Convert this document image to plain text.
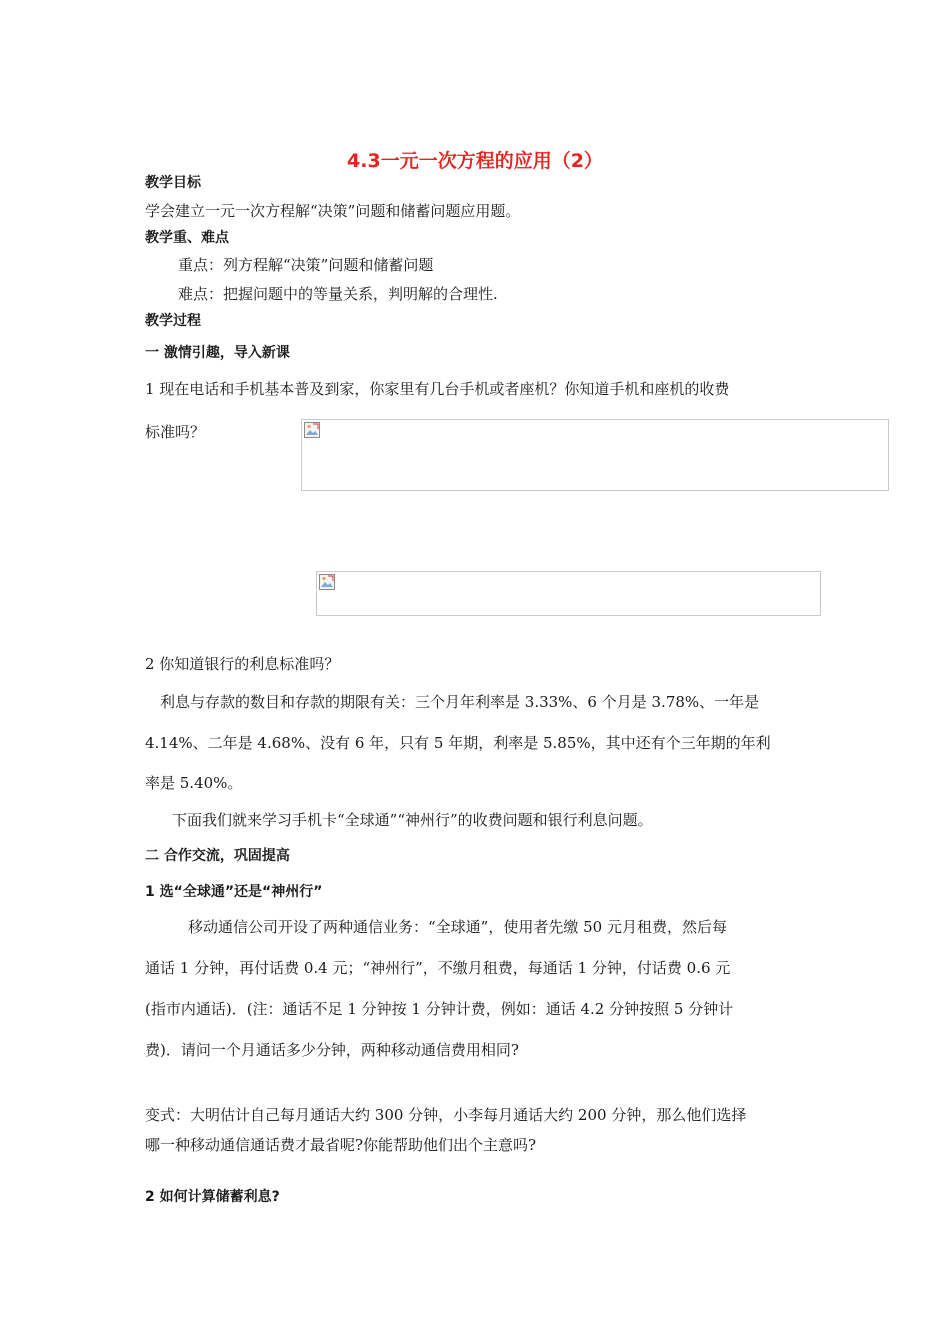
4.3一元一次方程的应用（2）
教学目标
学会建立一元一次方程解“决策”问题和储蓄问题应用题。
教学重、难点
重点：列方程解“决策”问题和储蓄问题
难点：把握问题中的等量关系，判明解的合理性.
教学过程
一 激情引趣，导入新课
1 现在电话和手机基本普及到家，你家里有几台手机或者座机？你知道手机和座机的收费
标准吗？
2 你知道银行的利息标准吗？
利息与存款的数目和存款的期限有关：三个月年利率是 3.33%、6 个月是 3.78%、一年是
4.14%、二年是 4.68%、没有 6 年，只有 5 年期，利率是 5.85%，其中还有个三年期的年利
率是 5.40%。
下面我们就来学习手机卡“全球通”“神州行”的收费问题和银行利息问题。
二 合作交流，巩固提高
1 选“全球通”还是“神州行”
移动通信公司开设了两种通信业务：“全球通”，使用者先缴 50 元月租费，然后每
通话 1 分钟，再付话费 0.4 元；“神州行”，不缴月租费，每通话 1 分钟，付话费 0.6 元
(指市内通话)．(注：通话不足 1 分钟按 1 分钟计费，例如：通话 4.2 分钟按照 5 分钟计
费)．请问一个月通话多少分钟，两种移动通信费用相同?
变式：大明估计自己每月通话大约 300 分钟，小李每月通话大约 200 分钟，那么他们选择
哪一种移动通信通话费才最省呢?你能帮助他们出个主意吗?
2 如何计算储蓄利息?
